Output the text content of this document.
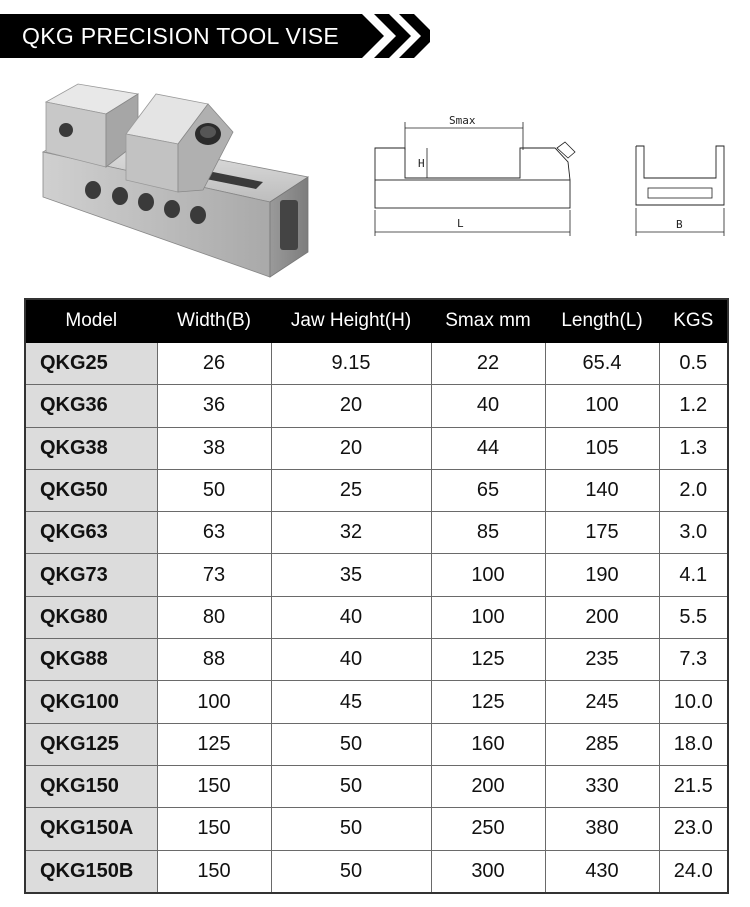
QKG PRECISION TOOL VISE
Smax
H
L	B
Model	Width(B)	Jaw Height(H)	Smax mm	Length(L)	KGS
QKG25	26	9.15	22	65.4	0.5
QKG36	36	20	40	100	1.2
QKG38	38	20	44	105	1.3
QKG50	50	25	65	140	2.0
QKG63	63	32	85	175	3.0
QKG73	73	35	100	190	4.1
QKG80	80	40	100	200	5.5
QKG88	88	40	125	235	7.3
QKG100	100	45	125	245	10.0
QKG125	125	50	160	285	18.0
QKG150	150	50	200	330	21.5
QKG150A	150	50	250	380	23.0
QKG150B	150	50	300	430	24.0
